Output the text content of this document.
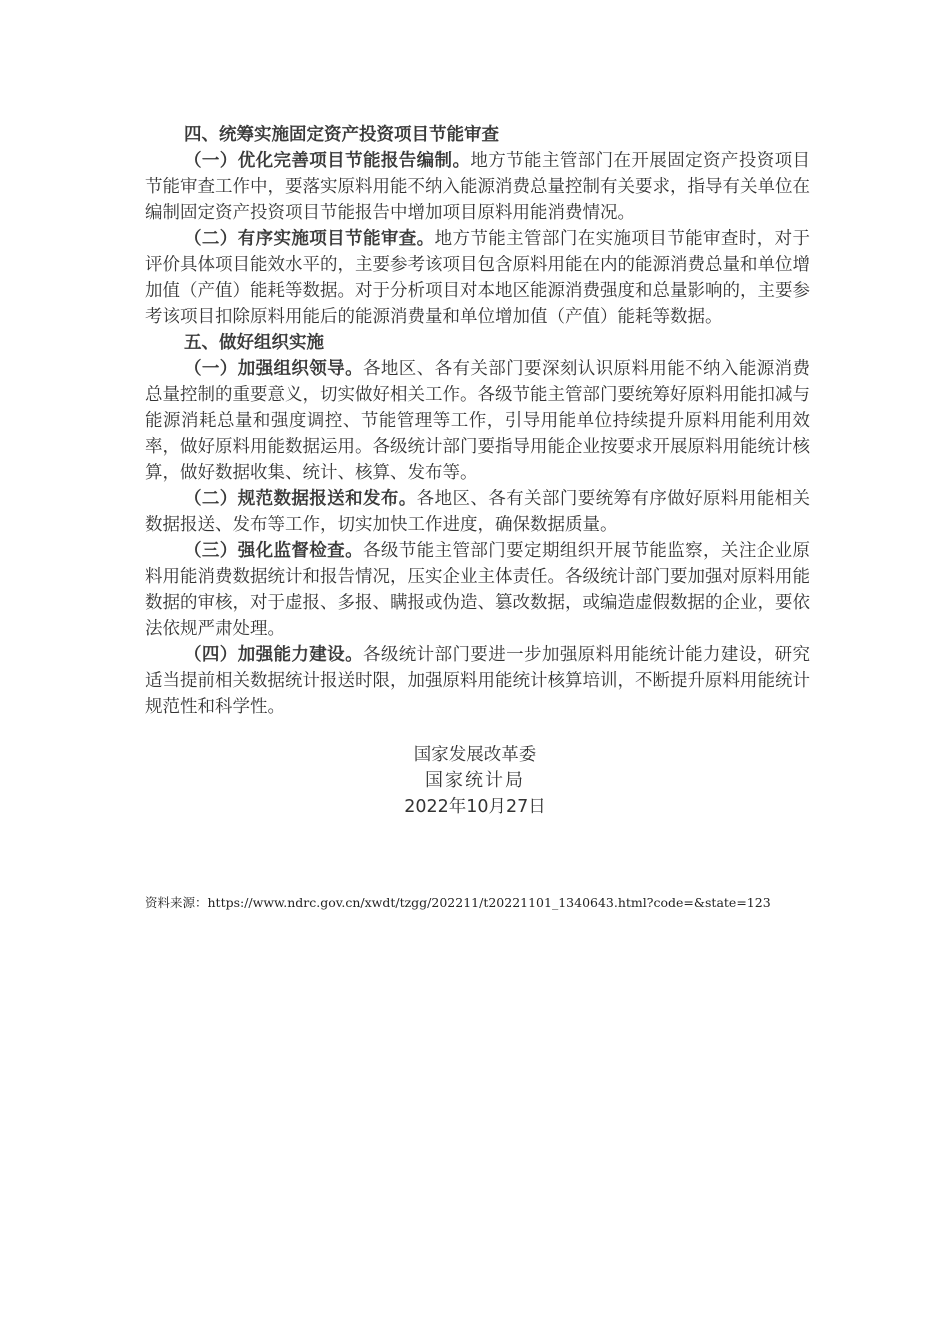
四、统筹实施固定资产投资项目节能审查

（一）优化完善项目节能报告编制。地方节能主管部门在开展固定资产投资项目节能审查工作中，要落实原料用能不纳入能源消费总量控制有关要求，指导有关单位在编制固定资产投资项目节能报告中增加项目原料用能消费情况。

（二）有序实施项目节能审查。地方节能主管部门在实施项目节能审查时，对于评价具体项目能效水平的，主要参考该项目包含原料用能在内的能源消费总量和单位增加值（产值）能耗等数据。对于分析项目对本地区能源消费强度和总量影响的，主要参考该项目扣除原料用能后的能源消费量和单位增加值（产值）能耗等数据。

五、做好组织实施

（一）加强组织领导。各地区、各有关部门要深刻认识原料用能不纳入能源消费总量控制的重要意义，切实做好相关工作。各级节能主管部门要统筹好原料用能扣减与能源消耗总量和强度调控、节能管理等工作，引导用能单位持续提升原料用能利用效率，做好原料用能数据运用。各级统计部门要指导用能企业按要求开展原料用能统计核算，做好数据收集、统计、核算、发布等。

（二）规范数据报送和发布。各地区、各有关部门要统筹有序做好原料用能相关数据报送、发布等工作，切实加快工作进度，确保数据质量。

（三）强化监督检查。各级节能主管部门要定期组织开展节能监察，关注企业原料用能消费数据统计和报告情况，压实企业主体责任。各级统计部门要加强对原料用能数据的审核，对于虚报、多报、瞒报或伪造、篡改数据，或编造虚假数据的企业，要依法依规严肃处理。

（四）加强能力建设。各级统计部门要进一步加强原料用能统计能力建设，研究适当提前相关数据统计报送时限，加强原料用能统计核算培训，不断提升原料用能统计规范性和科学性。

国家发展改革委
国家统计局
2022年10月27日
资料来源：https://www.ndrc.gov.cn/xwdt/tzgg/202211/t20221101_1340643.html?code=&state=123
